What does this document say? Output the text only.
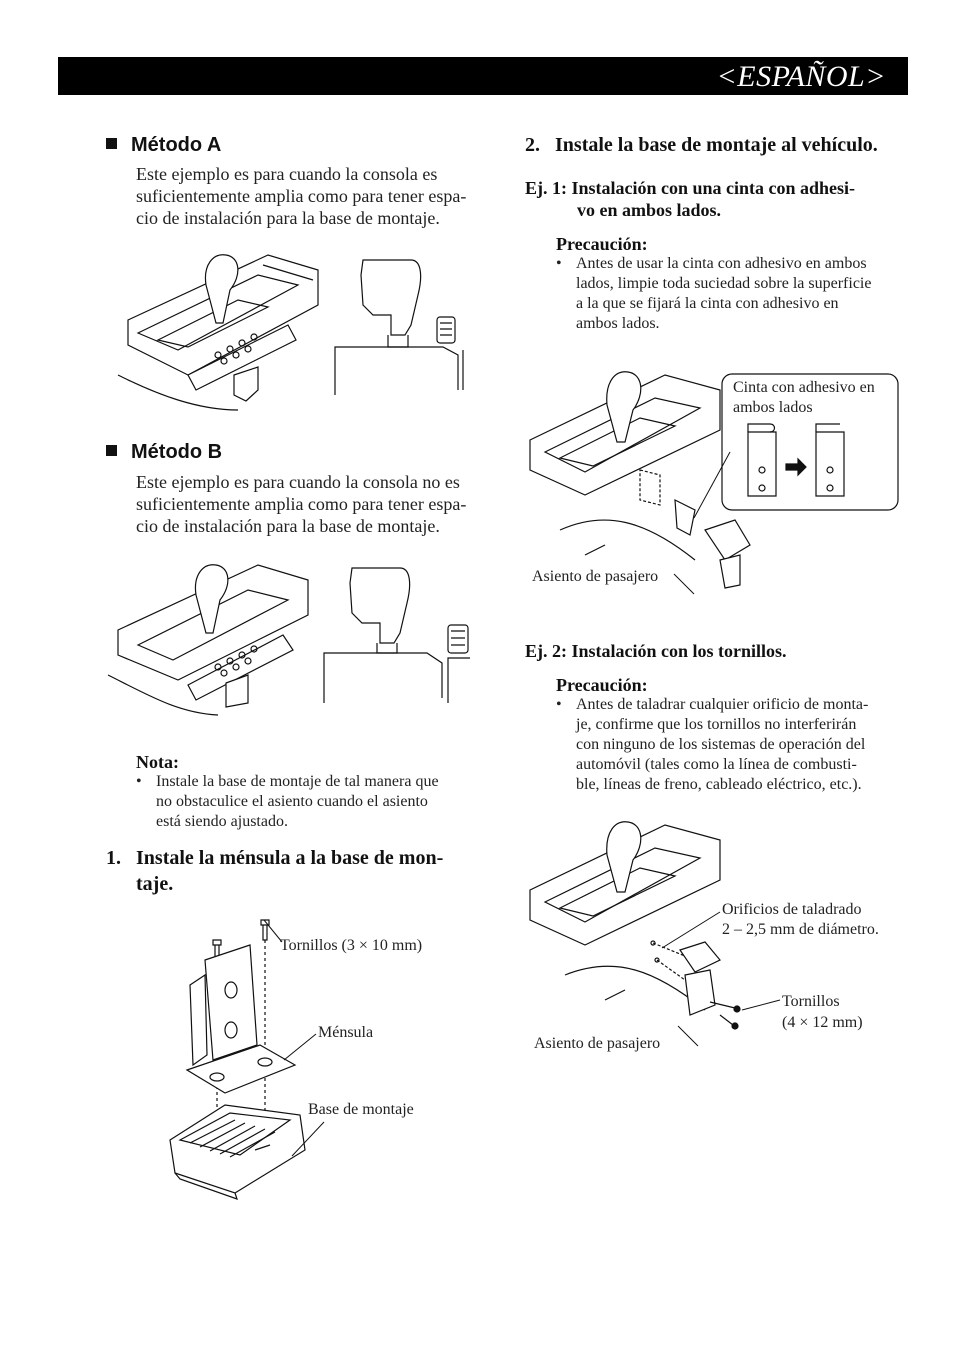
<ESPAÑOL>
Método A
Este ejemplo es para cuando la consola es
suficientemente amplia como para tener espa-
cio de instalación para la base de montaje.
Método B
Este ejemplo es para cuando la consola no es
suficientemente amplia como para tener espa-
cio de instalación para la base de montaje.
Nota:
• Instale la base de montaje de tal manera que
no obstaculice el asiento cuando el asiento
está siendo ajustado.
1. Instale la ménsula a la base de mon-
taje.
Tornillos (3 × 10 mm)
Ménsula
Base de montaje
2. Instale la base de montaje al vehículo.
Ej. 1: Instalación con una cinta con adhesi-
vo en ambos lados.
Precaución:
• Antes de usar la cinta con adhesivo en ambos
lados, limpie toda suciedad sobre la superficie
a la que se fijará la cinta con adhesivo en
ambos lados.
Asiento de pasajero
Cinta con adhesivo en
ambos lados
Ej. 2: Instalación con los tornillos.
Precaución:
• Antes de taladrar cualquier orificio de monta-
je, confirme que los tornillos no interferirán
con ninguno de los sistemas de operación del
automóvil (tales como la línea de combusti-
ble, líneas de freno, cableado eléctrico, etc.).
Orificios de taladrado
2 – 2,5 mm de diámetro.
Tornillos
(4 × 12 mm)
Asiento de pasajero
